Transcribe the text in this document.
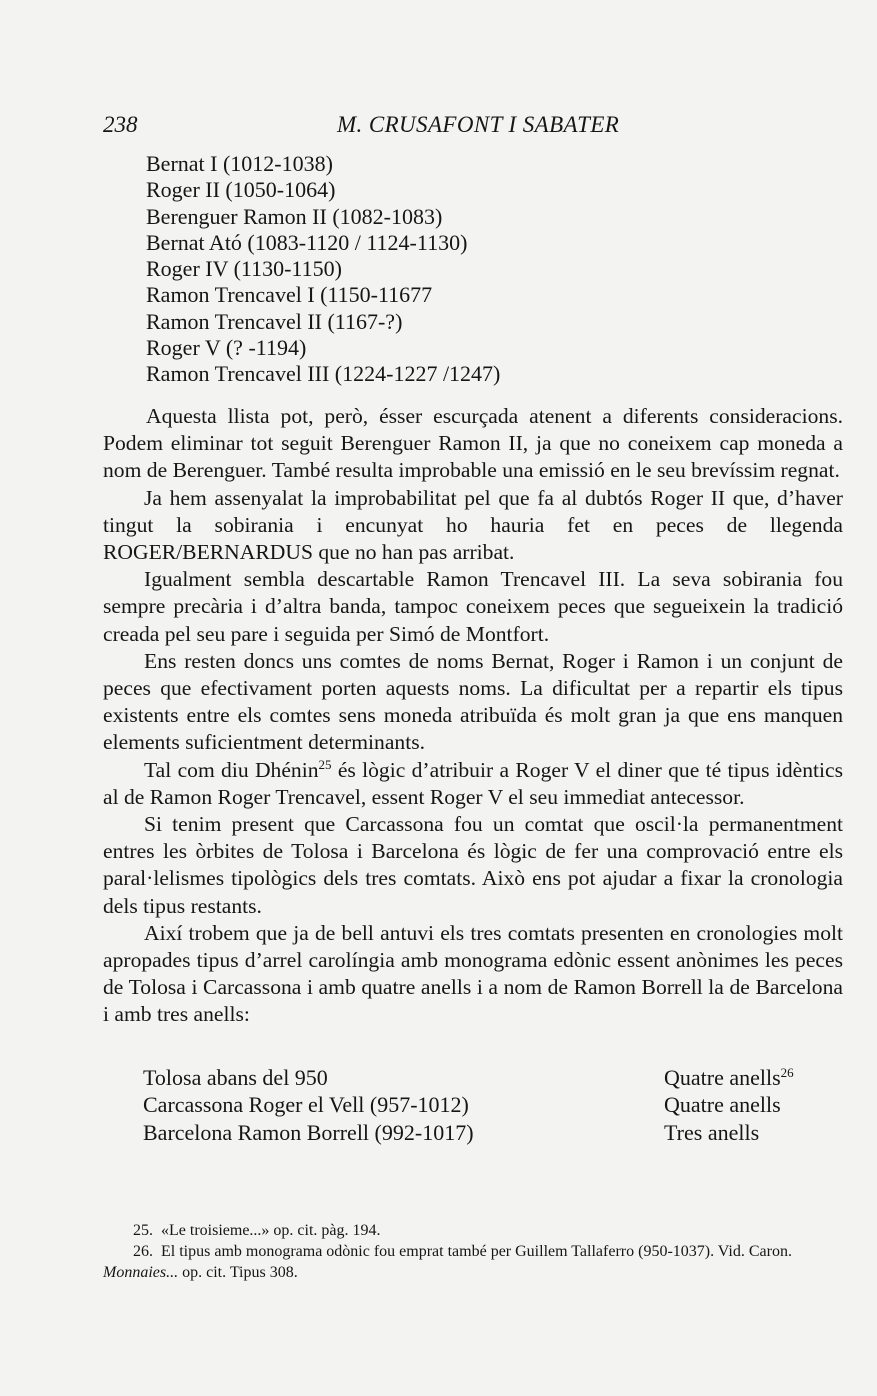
238	M. CRUSAFONT I SABATER
Bernat I (1012-1038)
Roger II (1050-1064)
Berenguer Ramon II (1082-1083)
Bernat Ató (1083-1120 / 1124-1130)
Roger IV (1130-1150)
Ramon Trencavel I (1150-11677
Ramon Trencavel II (1167-?)
Roger V (? -1194)
Ramon Trencavel III (1224-1227 /1247)

Aquesta llista pot, però, ésser escurçada atenent a diferents consideracions. Podem eliminar tot seguit Berenguer Ramon II, ja que no coneixem cap moneda a nom de Berenguer. També resulta improbable una emissió en le seu brevíssim regnat.

Ja hem assenyalat la improbabilitat pel que fa al dubtós Roger II que, d’haver tingut la sobirania i encunyat ho hauria fet en peces de llegenda ROGER/BERNARDUS que no han pas arribat.

Igualment sembla descartable Ramon Trencavel III. La seva sobirania fou sempre precària i d’altra banda, tampoc coneixem peces que segueixein la tradició creada pel seu pare i seguida per Simó de Montfort.

Ens resten doncs uns comtes de noms Bernat, Roger i Ramon i un conjunt de peces que efectivament porten aquests noms. La dificultat per a repartir els tipus existents entre els comtes sens moneda atribuïda és molt gran ja que ens manquen elements suficientment determinants.

Tal com diu Dhénin$^{25}$ és lògic d’atribuir a Roger V el diner que té tipus idèntics al de Ramon Roger Trencavel, essent Roger V el seu immediat antecessor.

Si tenim present que Carcassona fou un comtat que oscil·la permanentment entres les òrbites de Tolosa i Barcelona és lògic de fer una comprovació entre els paral·lelismes tipològics dels tres comtats. Això ens pot ajudar a fixar la cronologia dels tipus restants.

Així trobem que ja de bell antuvi els tres comtats presenten en cronologies molt apropades tipus d’arrel carolíngia amb monograma edònic essent anònimes les peces de Tolosa i Carcassona i amb quatre anells i a nom de Ramon Borrell la de Barcelona i amb tres anells:

Tolosa abans del 950	Quatre anells$^{26}$
Carcassona Roger el Vell (957-1012)	Quatre anells
Barcelona Ramon Borrell (992-1017)	Tres anells

25. «Le troisieme...» op. cit. pàg. 194.

26. El tipus amb monograma odònic fou emprat també per Guillem Tallaferro (950-1037). Vid. Caron. Monnaies... op. cit. Tipus 308.
